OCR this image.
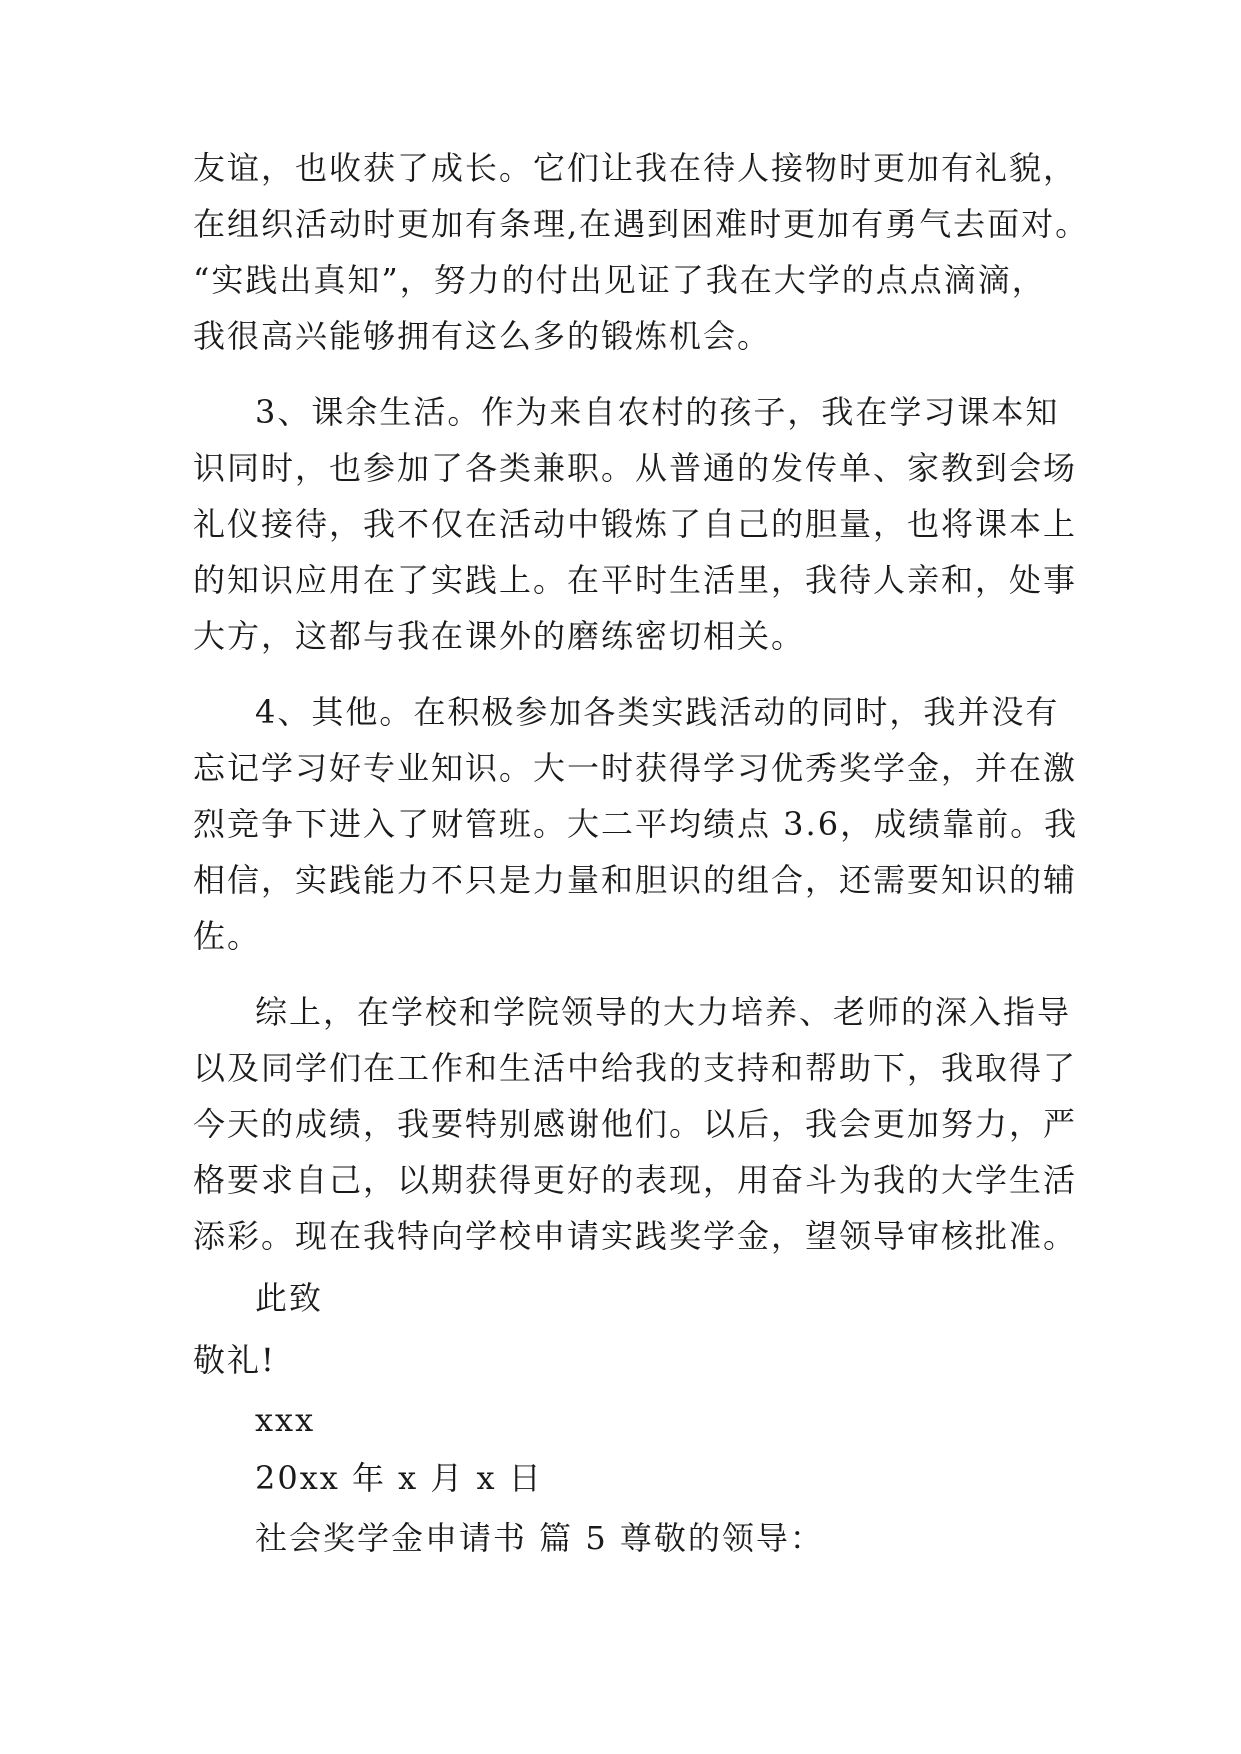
友谊，也收获了成长。它们让我在待人接物时更加有礼貌，

在组织活动时更加有条理,在遇到困难时更加有勇气去面对。

“实践出真知”，努力的付出见证了我在大学的点点滴滴，

我很高兴能够拥有这么多的锻炼机会。

3、课余生活。作为来自农村的孩子，我在学习课本知

识同时，也参加了各类兼职。从普通的发传单、家教到会场

礼仪接待，我不仅在活动中锻炼了自己的胆量，也将课本上

的知识应用在了实践上。在平时生活里，我待人亲和，处事

大方，这都与我在课外的磨练密切相关。

4、其他。在积极参加各类实践活动的同时，我并没有

忘记学习好专业知识。大一时获得学习优秀奖学金，并在激

烈竞争下进入了财管班。大二平均绩点 3.6，成绩靠前。我

相信，实践能力不只是力量和胆识的组合，还需要知识的辅

佐。

综上，在学校和学院领导的大力培养、老师的深入指导

以及同学们在工作和生活中给我的支持和帮助下，我取得了

今天的成绩，我要特别感谢他们。以后，我会更加努力，严

格要求自己，以期获得更好的表现，用奋斗为我的大学生活

添彩。现在我特向学校申请实践奖学金，望领导审核批准。

此致

敬礼!

xxx

20xx 年 x 月 x 日

社会奖学金申请书 篇 5 尊敬的领导：
